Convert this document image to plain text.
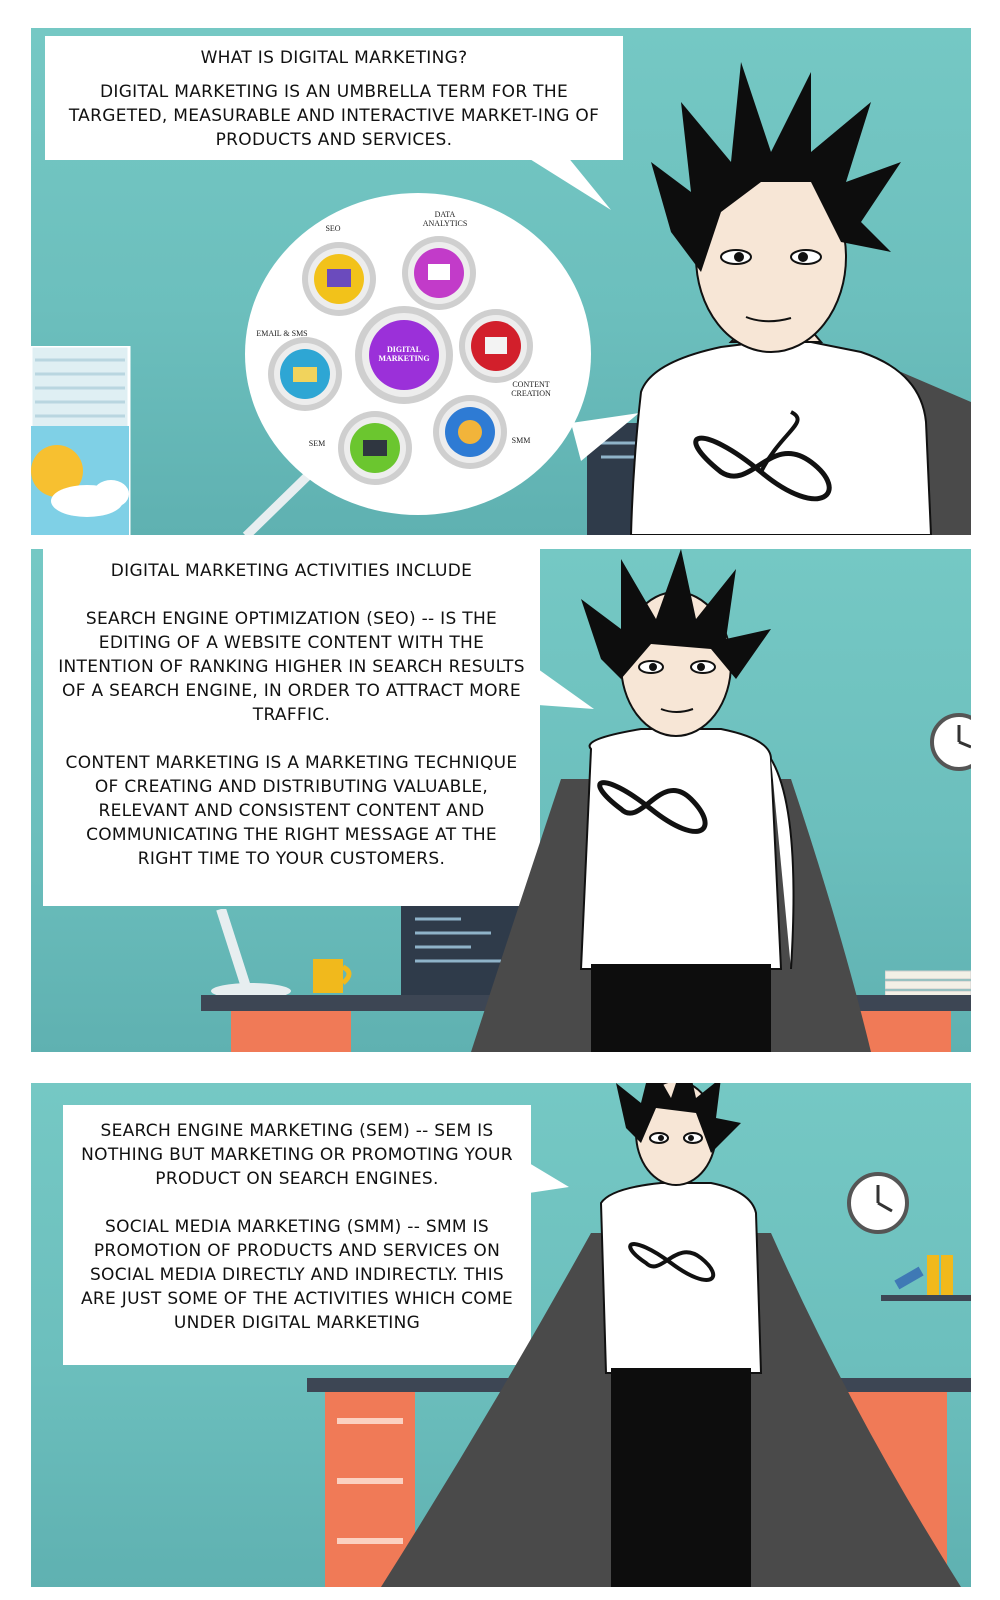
WHAT IS DIGITAL MARKETING?

DIGITAL MARKETING IS AN UMBRELLA TERM FOR THE TARGETED, MEASURABLE AND INTERACTIVE MARKET-ING OF PRODUCTS AND SERVICES.

DIGITAL MARKETING
SEO
DATA ANALYTICS
CONTENT CREATION
SMM
SEM
EMAIL & SMS

DIGITAL MARKETING ACTIVITIES INCLUDE

SEARCH ENGINE OPTIMIZATION (SEO) -- IS THE EDITING OF A WEBSITE CONTENT WITH THE INTENTION OF RANKING HIGHER IN SEARCH RESULTS OF A SEARCH ENGINE, IN ORDER TO ATTRACT MORE TRAFFIC.

CONTENT MARKETING IS A MARKETING TECHNIQUE OF CREATING AND DISTRIBUTING VALUABLE, RELEVANT AND CONSISTENT CONTENT AND COMMUNICATING THE RIGHT MESSAGE AT THE RIGHT TIME TO YOUR CUSTOMERS.

SEARCH ENGINE MARKETING (SEM) -- SEM IS NOTHING BUT MARKETING OR PROMOTING YOUR PRODUCT ON SEARCH ENGINES.

SOCIAL MEDIA MARKETING (SMM) -- SMM IS PROMOTION OF PRODUCTS AND SERVICES ON SOCIAL MEDIA DIRECTLY AND INDIRECTLY. THIS ARE JUST SOME OF THE ACTIVITIES WHICH COME UNDER DIGITAL MARKETING
